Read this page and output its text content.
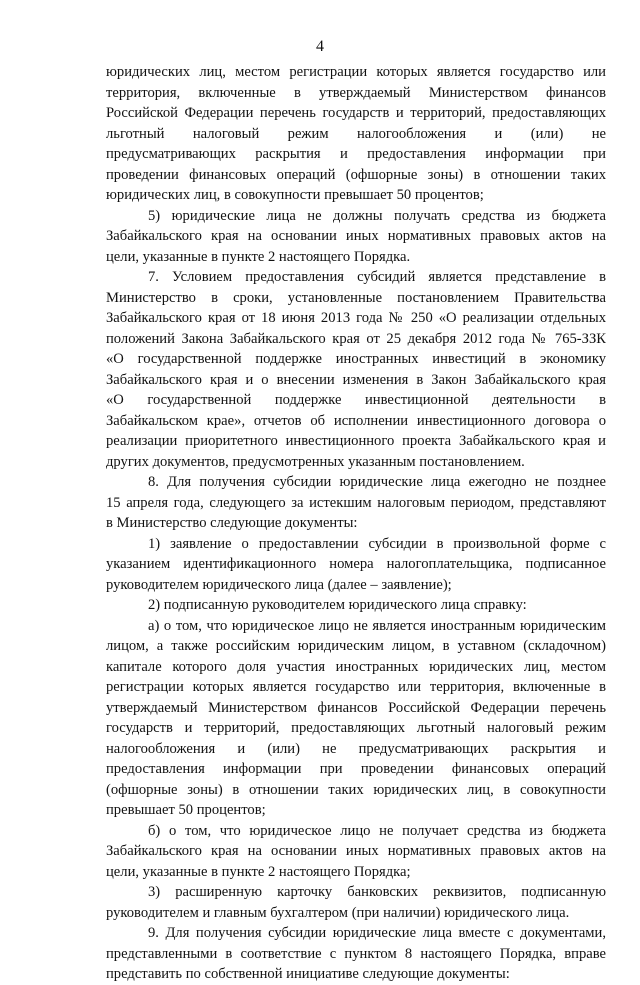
4
юридических лиц, местом регистрации которых является государство или
территория, включенные в утверждаемый Министерством финансов
Российской Федерации перечень государств и территорий, предоставляющих
льготный налоговый режим налогообложения и (или) не
предусматривающих раскрытия и предоставления информации при
проведении финансовых операций (офшорные зоны) в отношении таких
юридических лиц, в совокупности превышает 50 процентов;
5) юридические лица не должны получать средства из бюджета
Забайкальского края на основании иных нормативных правовых актов на
цели, указанные в пункте 2 настоящего Порядка.
7. Условием предоставления субсидий является представление в
Министерство в сроки, установленные постановлением Правительства
Забайкальского края от 18 июня 2013 года № 250 «О реализации отдельных
положений Закона Забайкальского края от 25 декабря 2012 года № 765-ЗЗК
«О государственной поддержке иностранных инвестиций в экономику
Забайкальского края и о внесении изменения в Закон Забайкальского края
«О государственной поддержке инвестиционной деятельности в
Забайкальском крае», отчетов об исполнении инвестиционного договора о
реализации приоритетного инвестиционного проекта Забайкальского края и
других документов, предусмотренных указанным постановлением.
8. Для получения субсидии юридические лица ежегодно не позднее
15 апреля года, следующего за истекшим налоговым периодом, представляют
в Министерство следующие документы:
1) заявление о предоставлении субсидии в произвольной форме с
указанием идентификационного номера налогоплательщика, подписанное
руководителем юридического лица (далее – заявление);
2) подписанную руководителем юридического лица справку:
а) о том, что юридическое лицо не является иностранным юридическим
лицом, а также российским юридическим лицом, в уставном (складочном)
капитале которого доля участия иностранных юридических лиц, местом
регистрации которых является государство или территория, включенные в
утверждаемый Министерством финансов Российской Федерации перечень
государств и территорий, предоставляющих льготный налоговый режим
налогообложения и (или) не предусматривающих раскрытия и
предоставления информации при проведении финансовых операций
(офшорные зоны) в отношении таких юридических лиц, в совокупности
превышает 50 процентов;
б) о том, что юридическое лицо не получает средства из бюджета
Забайкальского края на основании иных нормативных правовых актов на
цели, указанные в пункте 2 настоящего Порядка;
3) расширенную карточку банковских реквизитов, подписанную
руководителем и главным бухгалтером (при наличии) юридического лица.
9. Для получения субсидии юридические лица вместе с документами,
представленными в соответствие с пунктом 8 настоящего Порядка, вправе
представить по собственной инициативе следующие документы:
